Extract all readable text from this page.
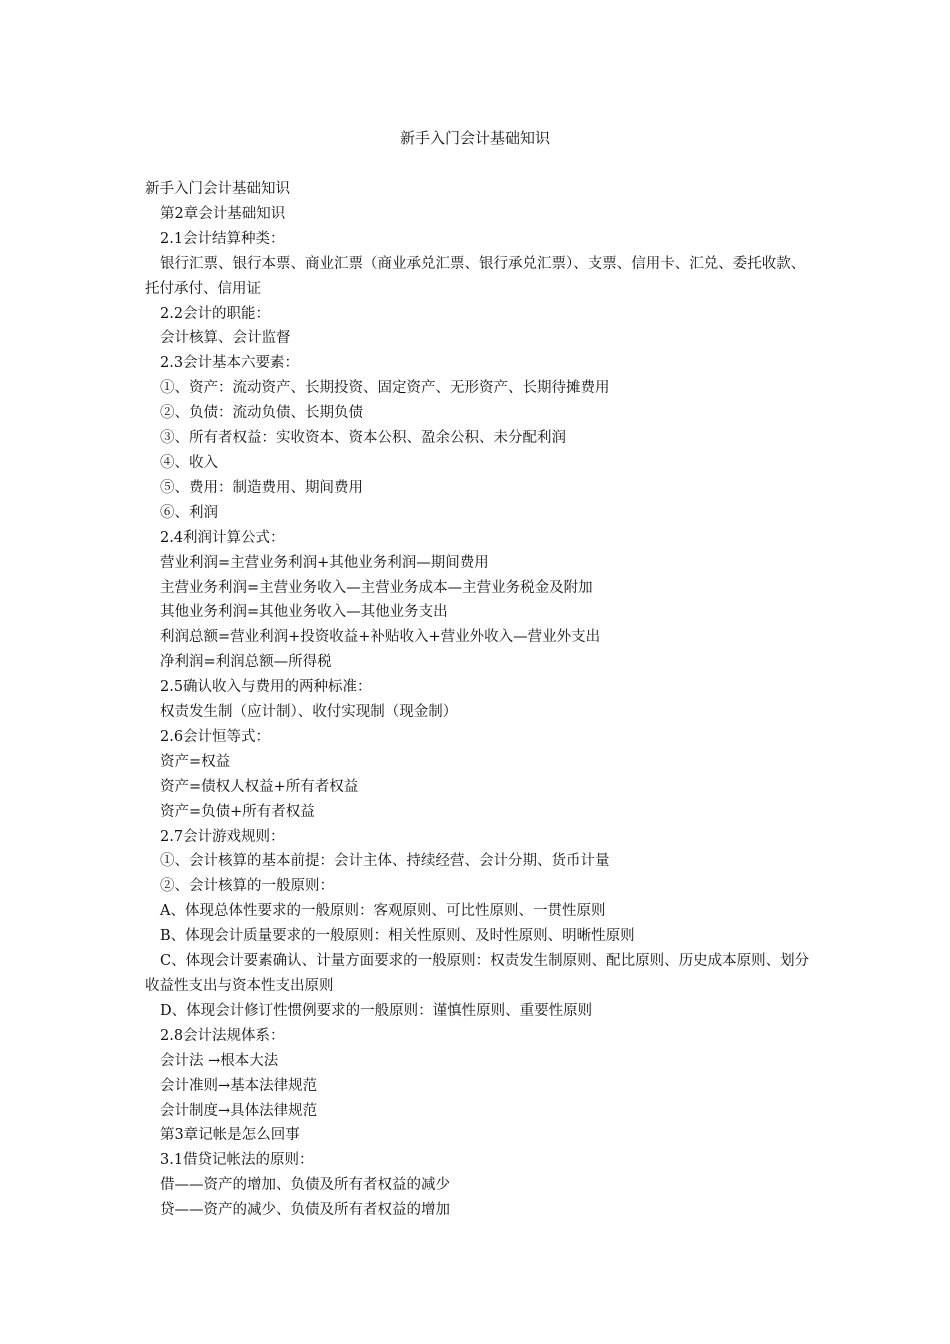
新手入门会计基础知识
新手入门会计基础知识
第2章会计基础知识
2.1会计结算种类：
银行汇票、银行本票、商业汇票（商业承兑汇票、银行承兑汇票）、支票、信用卡、汇兑、委托收款、托付承付、信用证
2.2会计的职能：
会计核算、会计监督
2.3会计基本六要素：
①、资产：流动资产、长期投资、固定资产、无形资产、长期待摊费用
②、负债：流动负债、长期负债
③、所有者权益：实收资本、资本公积、盈余公积、未分配利润
④、收入
⑤、费用：制造费用、期间费用
⑥、利润
2.4利润计算公式：
营业利润=主营业务利润+其他业务利润—期间费用
主营业务利润=主营业务收入—主营业务成本—主营业务税金及附加
其他业务利润=其他业务收入—其他业务支出
利润总额=营业利润+投资收益+补贴收入+营业外收入—营业外支出
净利润=利润总额—所得税
2.5确认收入与费用的两种标准：
权责发生制（应计制）、收付实现制（现金制）
2.6会计恒等式：
资产=权益
资产=债权人权益+所有者权益
资产=负债+所有者权益
2.7会计游戏规则：
①、会计核算的基本前提：会计主体、持续经营、会计分期、货币计量
②、会计核算的一般原则：
A、体现总体性要求的一般原则：客观原则、可比性原则、一贯性原则
B、体现会计质量要求的一般原则：相关性原则、及时性原则、明晰性原则
C、体现会计要素确认、计量方面要求的一般原则：权责发生制原则、配比原则、历史成本原则、划分收益性支出与资本性支出原则
D、体现会计修订性惯例要求的一般原则：谨慎性原则、重要性原则
2.8会计法规体系：
会计法 →根本大法
会计准则→基本法律规范
会计制度→具体法律规范
第3章记帐是怎么回事
3.1借贷记帐法的原则：
借——资产的增加、负债及所有者权益的减少
贷——资产的减少、负债及所有者权益的增加
